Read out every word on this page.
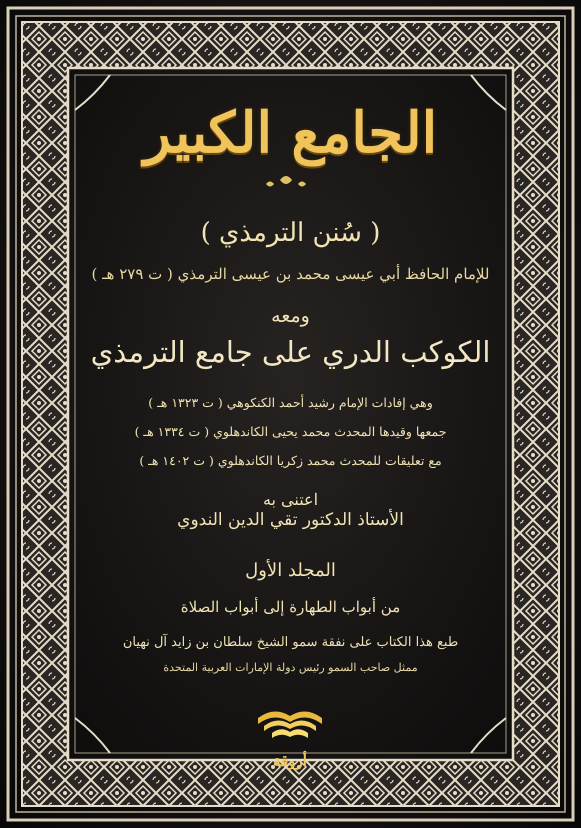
الجامع الكبير
( سُنن الترمذي )
للإمام الحافظ أبي عيسى محمد بن عيسى الترمذي ( ت ٢٧٩ هـ )
ومعه
الكوكب الدري على جامع الترمذي
وهي إفادات الإمام رشيد أحمد الكنكوهي ( ت ١٣٢٣ هـ )
جمعها وقيدها المحدث محمد يحيى الكاندهلوي ( ت ١٣٣٤ هـ )
مع تعليقات للمحدث محمد زكريا الكاندهلوي ( ت ١٤٠٢ هـ )
اعتنى به
الأستاذ الدكتور تقي الدين الندوي
المجلد الأول
من أبواب الطهارة إلى أبواب الصلاة
طبع هذا الكتاب على نفقة سمو الشيخ سلطان بن زايد آل نهيان
ممثل صاحب السمو رئيس دولة الإمارات العربية المتحدة
أروقة
